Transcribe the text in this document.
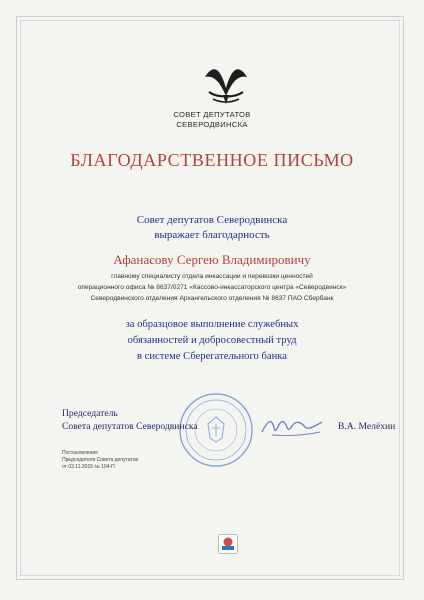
СОВЕТ ДЕПУТАТОВ
СЕВЕРОДВИНСКА
БЛАГОДАРСТВЕННОЕ ПИСЬМО
Совет депутатов Северодвинска
выражает благодарность
Афанасову Сергею Владимировичу
главному специалисту отдела инкассации и перевозки ценностей
операционного офиса № 8637/0271 «Кассово-инкассаторского центра «Северодвинск»
Северодвинского отделения Архангельского отделения № 8637 ПАО Сбербанк
за образцовое выполнение служебных
обязанностей и добросовестный труд
в системе Сберегательного банка
Председатель
Совета депутатов Северодвинска	В.А. Мелёхин
Постановление
Председателя Совета депутатов
от 03.11.2015 № 194-П
